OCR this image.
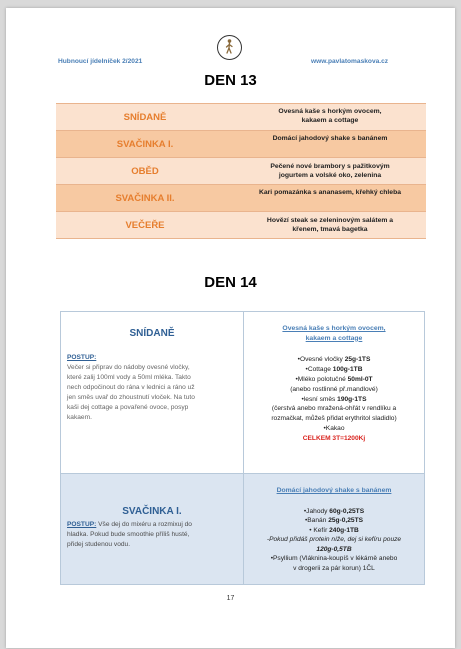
Hubnoucí jídelníček 2/2021	www.pavlatomaskova.cz
DEN 13
SNÍDANĚ	Ovesná kaše s horkým ovocem,
kakaem a cottage
SVAČINKA I.	Domácí jahodový shake s banánem
OBĚD	Pečené nové brambory s pažitkovým
jogurtem a volské oko, zelenina
SVAČINKA II.	Kari pomazánka s ananasem, křehký chleba
VEČEŘE	Hovězí steak se zeleninovým salátem a
křenem, tmavá bagetka
DEN 14
SNÍDANĚ
POSTUP:
Večer si připrav do nádoby ovesné vločky,
které zalij 100ml vody a 50ml mléka. Takto
nech odpočinout do rána v lednici a ráno už
jen směs uvař do zhoustnutí vloček. Na tuto
kaši dej cottage a povařené ovoce, posyp
kakaem.
Ovesná kaše s horkým ovocem,
kakaem a cottage
•Ovesné vločky 25g-1TS
•Cottage 100g-1TB
•Mléko polotučné 50ml-0T
(anebo rostlinné př.mandlové)
•lesní směs 190g-1TS
(čerstvá anebo mražená-ohřát v rendlíku a
rozmačkat, můžeš přidat erythritol sladidlo)
•Kakao
CELKEM 3T=1200Kj
SVAČINKA I.
POSTUP: Vše dej do mixéru a rozmixuj do
hladka. Pokud bude smoothie příliš husté,
přidej studenou vodu.
Domácí jahodový shake s banánem
•Jahody 60g-0,25TS
•Banán 25g-0,25TS
• Kefír 240g-1TB
-Pokud přidáš protein níže, dej si kefíru pouze
120g-0,5TB
•Psyllium (Vláknina-koupíš v lékárně anebo
v drogerii za pár korun) 1ČL
17
